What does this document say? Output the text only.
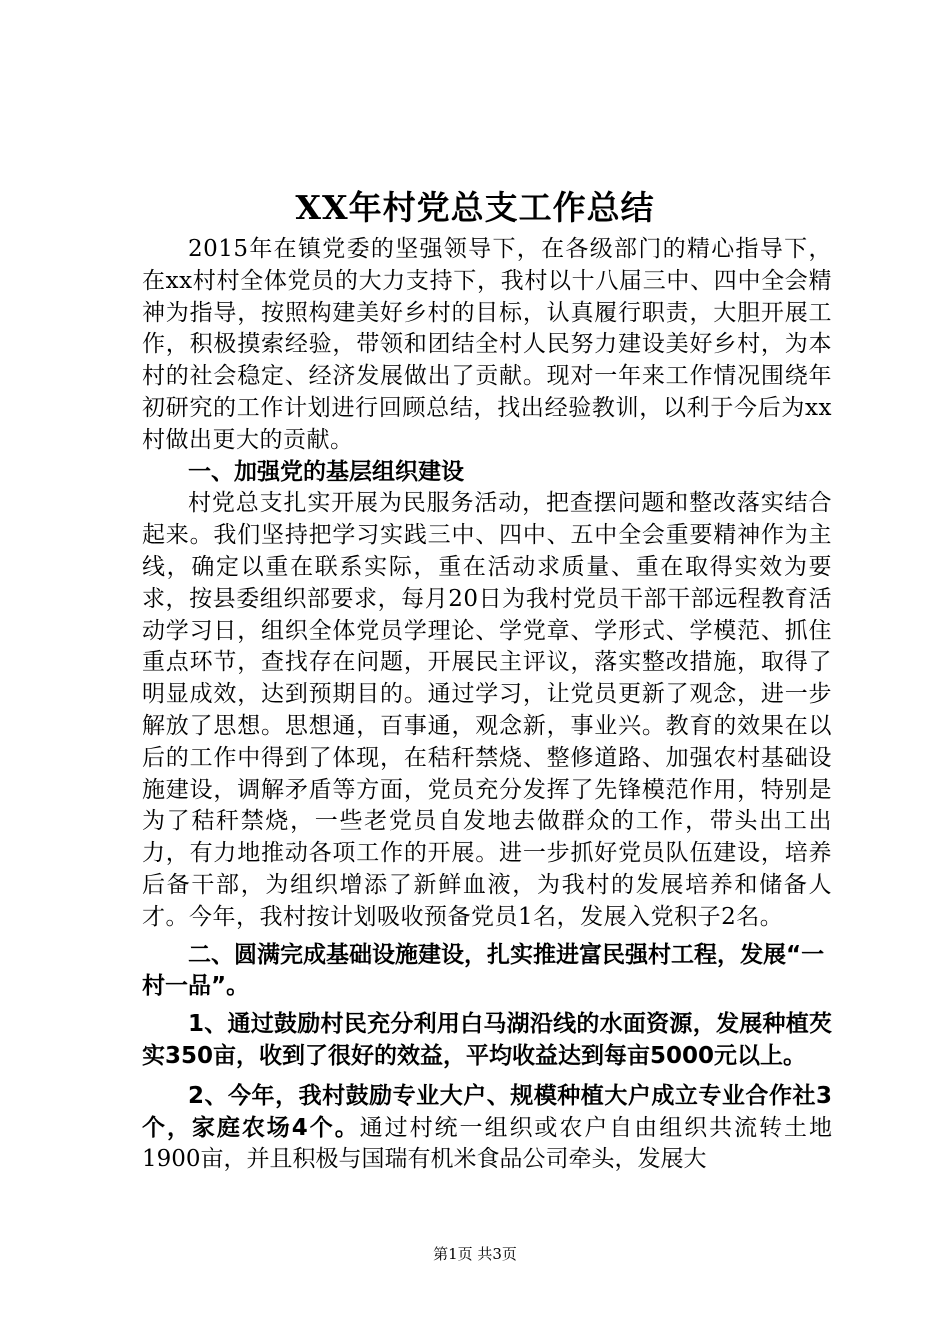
XX年村党总支工作总结

2015年在镇党委的坚强领导下，在各级部门的精心指导下，在xx村村全体党员的大力支持下，我村以十八届三中、四中全会精神为指导，按照构建美好乡村的目标，认真履行职责，大胆开展工作，积极摸索经验，带领和团结全村人民努力建设美好乡村，为本村的社会稳定、经济发展做出了贡献。现对一年来工作情况围绕年初研究的工作计划进行回顾总结，找出经验教训，以利于今后为xx村做出更大的贡献。

一、加强党的基层组织建设

村党总支扎实开展为民服务活动，把查摆问题和整改落实结合起来。我们坚持把学习实践三中、四中、五中全会重要精神作为主线，确定以重在联系实际，重在活动求质量、重在取得实效为要求，按县委组织部要求，每月20日为我村党员干部干部远程教育活动学习日，组织全体党员学理论、学党章、学形式、学模范、抓住重点环节，查找存在问题，开展民主评议，落实整改措施，取得了明显成效，达到预期目的。通过学习，让党员更新了观念，进一步解放了思想。思想通，百事通，观念新，事业兴。教育的效果在以后的工作中得到了体现，在秸秆禁烧、整修道路、加强农村基础设施建设，调解矛盾等方面，党员充分发挥了先锋模范作用，特别是为了秸秆禁烧，一些老党员自发地去做群众的工作，带头出工出力，有力地推动各项工作的开展。进一步抓好党员队伍建设，培养后备干部，为组织增添了新鲜血液，为我村的发展培养和储备人才。今年，我村按计划吸收预备党员1名，发展入党积子2名。

二、圆满完成基础设施建设，扎实推进富民强村工程，发展“一村一品”。

1、通过鼓励村民充分利用白马湖沿线的水面资源，发展种植芡实350亩，收到了很好的效益，平均收益达到每亩5000元以上。

2、今年，我村鼓励专业大户、规模种植大户成立专业合作社3个，家庭农场4个。通过村统一组织或农户自由组织共流转土地1900亩，并且积极与国瑞有机米食品公司牵头，发展大

第1页 共3页
